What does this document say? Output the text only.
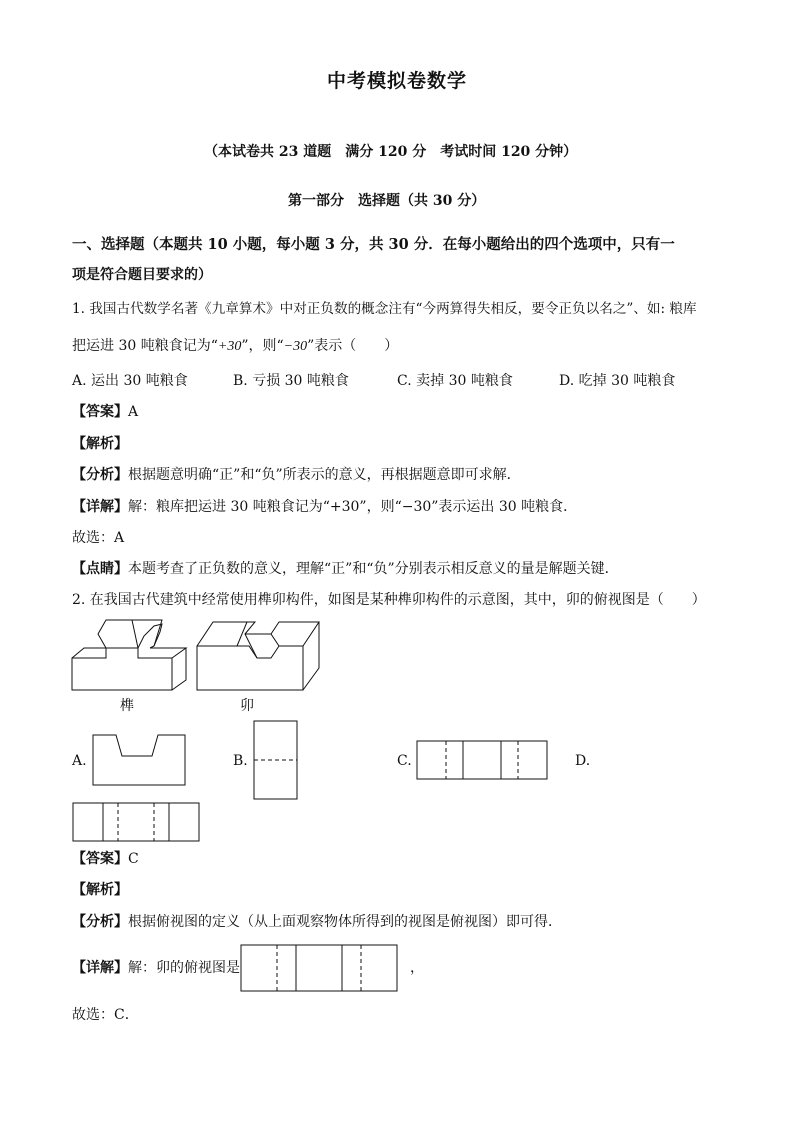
中考模拟卷数学
（本试卷共 23 道题　满分 120 分　考试时间 120 分钟）
第一部分　选择题（共 30 分）
一、选择题（本题共 10 小题，每小题 3 分，共 30 分．在每小题给出的四个选项中，只有一
项是符合题目要求的）
1. 我国古代数学名著《九章算术》中对正负数的概念注有“今两算得失相反，要令正负以名之”、如: 粮库
把运进 30 吨粮食记为“+30”，则“−30”表示（　　）
A. 运出 30 吨粮食	B. 亏损 30 吨粮食	C. 卖掉 30 吨粮食	D. 吃掉 30 吨粮食
【答案】A
【解析】
【分析】根据题意明确“正”和“负”所表示的意义，再根据题意即可求解．
【详解】解：粮库把运进 30 吨粮食记为“+30”，则“−30”表示运出 30 吨粮食．
故选：A
【点睛】本题考查了正负数的意义，理解“正”和“负”分别表示相反意义的量是解题关键．
2. 在我国古代建筑中经常使用榫卯构件，如图是某种榫卯构件的示意图，其中，卯的俯视图是（　　）
榫	卯
A.	B.	C.	D.
【答案】C
【解析】
【分析】根据俯视图的定义（从上面观察物体所得到的视图是俯视图）即可得．
【详解】解：卯的俯视图是	，
故选：C．
